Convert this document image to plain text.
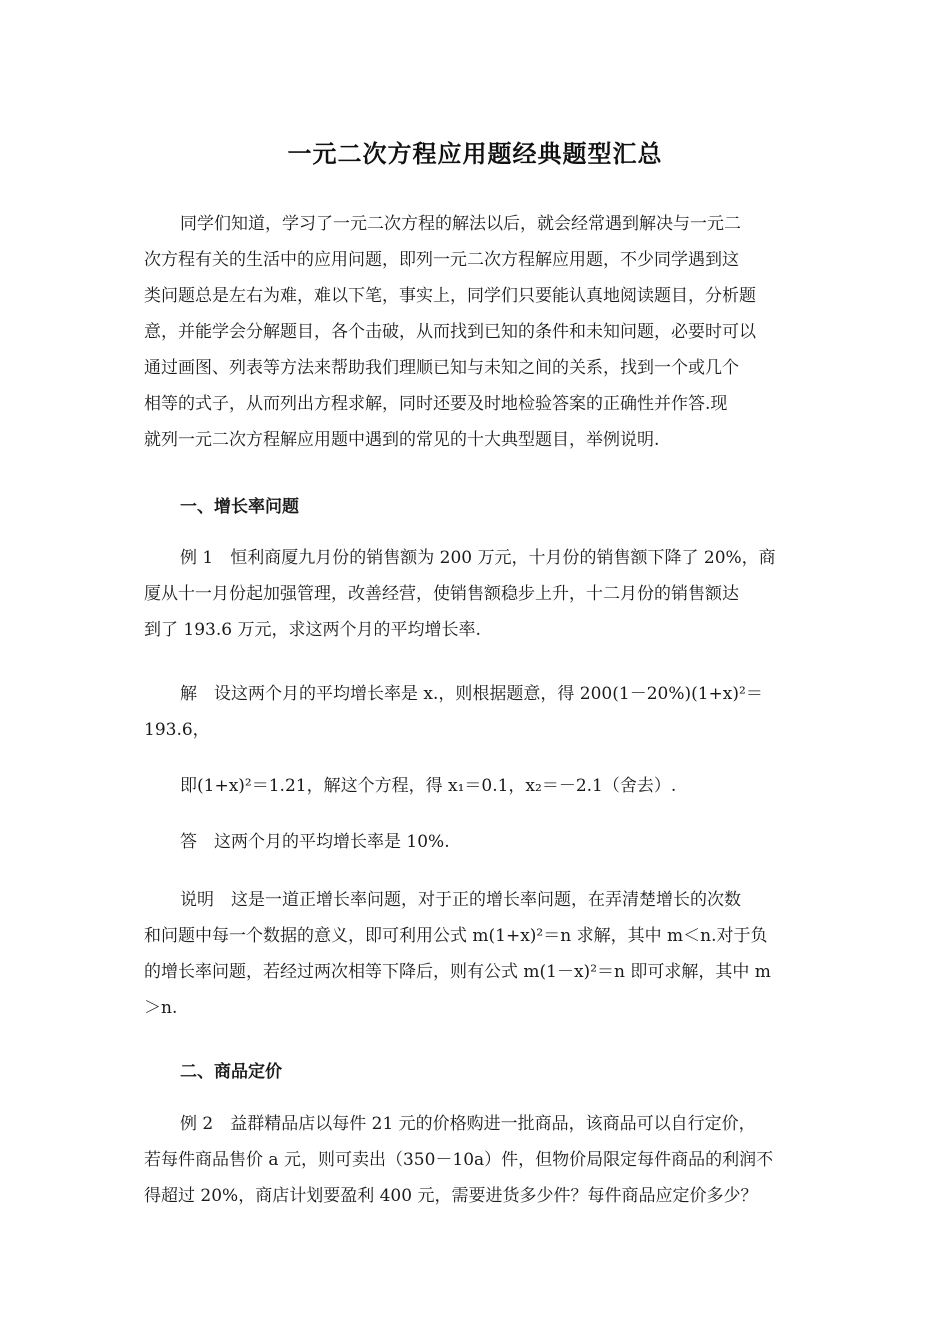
一元二次方程应用题经典题型汇总
同学们知道，学习了一元二次方程的解法以后，就会经常遇到解决与一元二
次方程有关的生活中的应用问题，即列一元二次方程解应用题，不少同学遇到这
类问题总是左右为难，难以下笔，事实上，同学们只要能认真地阅读题目，分析题
意，并能学会分解题目，各个击破，从而找到已知的条件和未知问题，必要时可以
通过画图、列表等方法来帮助我们理顺已知与未知之间的关系，找到一个或几个
相等的式子，从而列出方程求解，同时还要及时地检验答案的正确性并作答.现
就列一元二次方程解应用题中遇到的常见的十大典型题目，举例说明.
一、增长率问题
例 1　恒利商厦九月份的销售额为 200 万元，十月份的销售额下降了 20%，商
厦从十一月份起加强管理，改善经营，使销售额稳步上升，十二月份的销售额达
到了 193.6 万元，求这两个月的平均增长率.
解　设这两个月的平均增长率是 x.，则根据题意，得 200(1－20%)(1+x)²＝
193.6，
即(1+x)²＝1.21，解这个方程，得 x₁＝0.1，x₂＝－2.1（舍去）.
答　这两个月的平均增长率是 10%.
说明　这是一道正增长率问题，对于正的增长率问题，在弄清楚增长的次数
和问题中每一个数据的意义，即可利用公式 m(1+x)²＝n 求解，其中 m＜n.对于负
的增长率问题，若经过两次相等下降后，则有公式 m(1－x)²＝n 即可求解，其中 m
＞n.
二、商品定价
例 2　益群精品店以每件 21 元的价格购进一批商品，该商品可以自行定价，
若每件商品售价 a 元，则可卖出（350－10a）件，但物价局限定每件商品的利润不
得超过 20%，商店计划要盈利 400 元，需要进货多少件？每件商品应定价多少？
